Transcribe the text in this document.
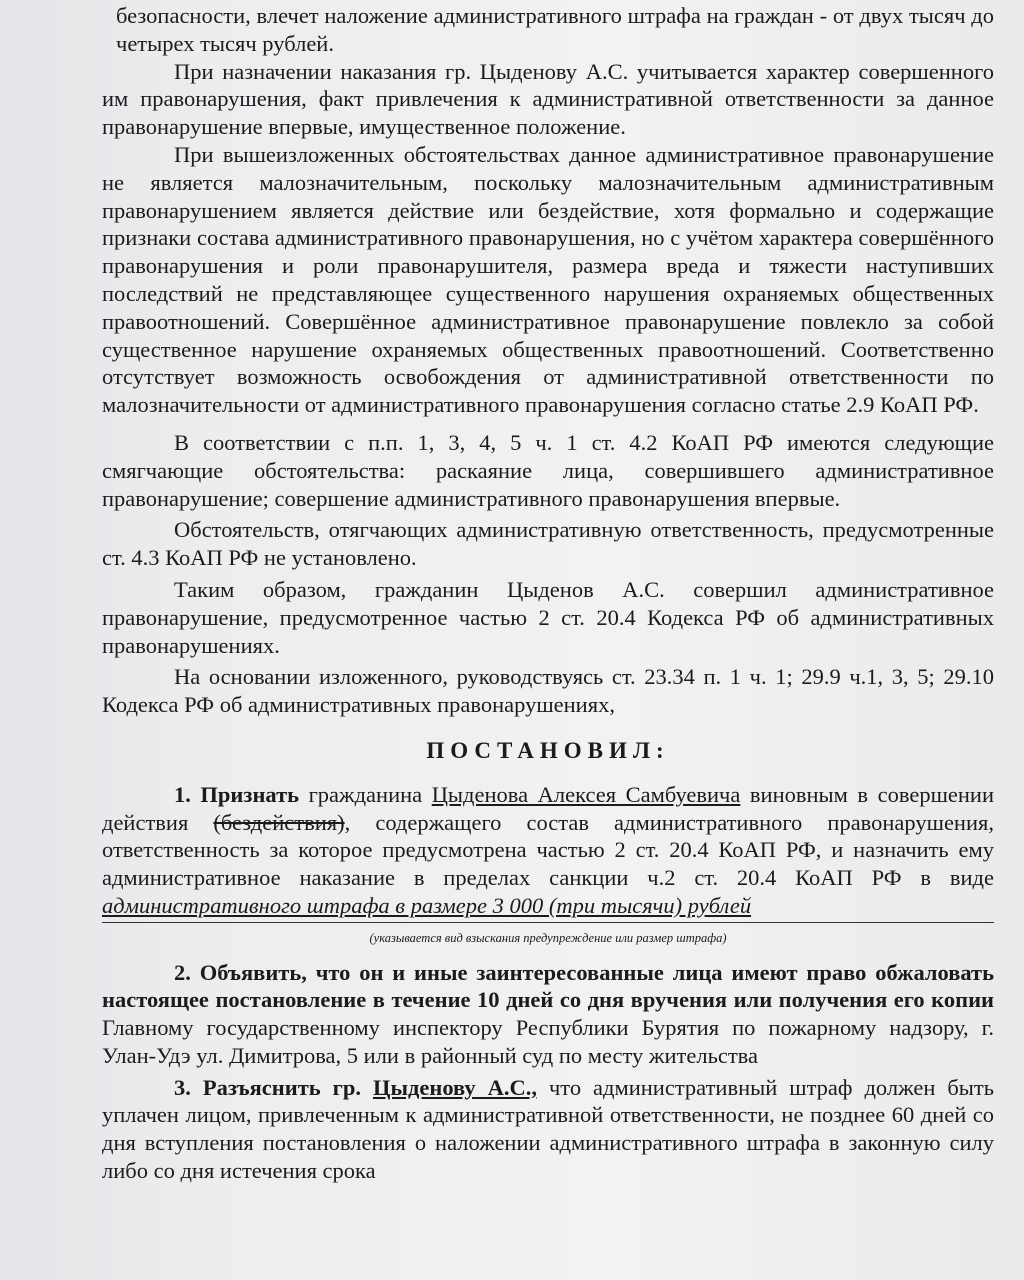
безопасности, влечет наложение административного штрафа на граждан - от двух тысяч до четырех тысяч рублей.

При назначении наказания гр. Цыденову А.С. учитывается характер совершенного им правонарушения, факт привлечения к административной ответственности за данное правонарушение впервые, имущественное положение.

При вышеизложенных обстоятельствах данное административное правонарушение не является малозначительным, поскольку малозначительным административным правонарушением является действие или бездействие, хотя формально и содержащие признаки состава административного правонарушения, но с учётом характера совершённого правонарушения и роли правонарушителя, размера вреда и тяжести наступивших последствий не представляющее существенного нарушения охраняемых общественных правоотношений. Совершённое административное правонарушение повлекло за собой существенное нарушение охраняемых общественных правоотношений. Соответственно отсутствует возможность освобождения от административной ответственности по малозначительности от административного правонарушения согласно статье 2.9 КоАП РФ.

В соответствии с п.п. 1, 3, 4, 5 ч. 1 ст. 4.2 КоАП РФ имеются следующие смягчающие обстоятельства: раскаяние лица, совершившего административное правонарушение; совершение административного правонарушения впервые.

Обстоятельств, отягчающих административную ответственность, предусмотренные ст. 4.3 КоАП РФ не установлено.

Таким образом, гражданин Цыденов А.С. совершил административное правонарушение, предусмотренное частью 2 ст. 20.4 Кодекса РФ об административных правонарушениях.

На основании изложенного, руководствуясь ст. 23.34 п. 1 ч. 1; 29.9 ч.1, 3, 5; 29.10 Кодекса РФ об административных правонарушениях,

ПОСТАНОВИЛ:

1. Признать гражданина Цыденова Алексея Самбуевича виновным в совершении действия (бездействия), содержащего состав административного правонарушения, ответственность за которое предусмотрена частью 2 ст. 20.4 КоАП РФ, и назначить ему административное наказание в пределах санкции ч.2 ст. 20.4 КоАП РФ в виде административного штрафа в размере 3 000 (три тысячи) рублей

(указывается вид взыскания предупреждение или размер штрафа)

2. Объявить, что он и иные заинтересованные лица имеют право обжаловать настоящее постановление в течение 10 дней со дня вручения или получения его копии Главному государственному инспектору Республики Бурятия по пожарному надзору, г. Улан-Удэ ул. Димитрова, 5 или в районный суд по месту жительства

3. Разъяснить гр. Цыденову А.С., что административный штраф должен быть уплачен лицом, привлеченным к административной ответственности, не позднее 60 дней со дня вступления постановления о наложении административного штрафа в законную силу либо со дня истечения срока
